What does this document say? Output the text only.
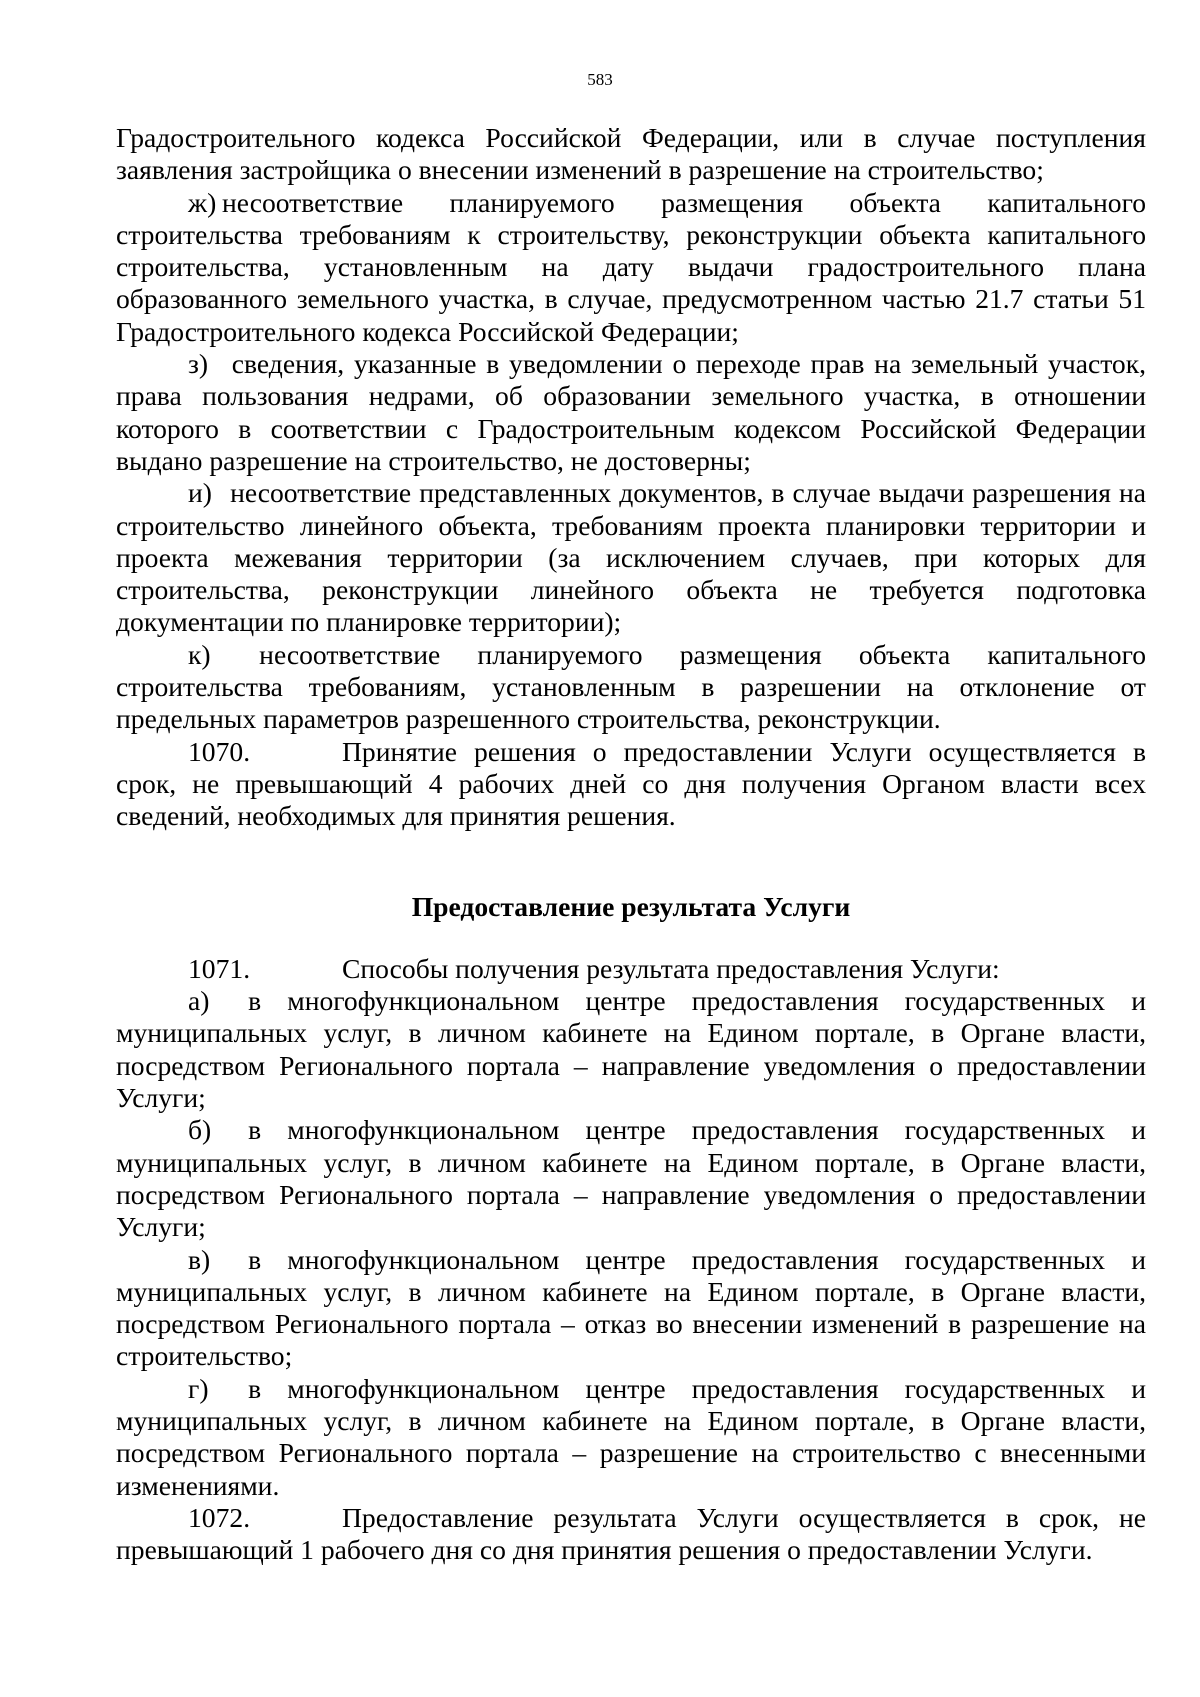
583

Градостроительного кодекса Российской Федерации, или в случае поступления заявления застройщика о внесении изменений в разрешение на строительство;

ж) несоответствие планируемого размещения объекта капитального строительства требованиям к строительству, реконструкции объекта капитального строительства, установленным на дату выдачи градостроительного плана образованного земельного участка, в случае, предусмотренном частью 21.7 статьи 51 Градостроительного кодекса Российской Федерации;

з) сведения, указанные в уведомлении о переходе прав на земельный участок, права пользования недрами, об образовании земельного участка, в отношении которого в соответствии с Градостроительным кодексом Российской Федерации выдано разрешение на строительство, не достоверны;

и) несоответствие представленных документов, в случае выдачи разрешения на строительство линейного объекта, требованиям проекта планировки территории и проекта межевания территории (за исключением случаев, при которых для строительства, реконструкции линейного объекта не требуется подготовка документации по планировке территории);

к) несоответствие планируемого размещения объекта капитального строительства требованиям, установленным в разрешении на отклонение от предельных параметров разрешенного строительства, реконструкции.

1070.	Принятие решения о предоставлении Услуги осуществляется в срок, не превышающий 4 рабочих дней со дня получения Органом власти всех сведений, необходимых для принятия решения.

Предоставление результата Услуги

1071.	Способы получения результата предоставления Услуги:

а) в многофункциональном центре предоставления государственных и муниципальных услуг, в личном кабинете на Едином портале, в Органе власти, посредством Регионального портала – направление уведомления о предоставлении Услуги;

б) в многофункциональном центре предоставления государственных и муниципальных услуг, в личном кабинете на Едином портале, в Органе власти, посредством Регионального портала – направление уведомления о предоставлении Услуги;

в) в многофункциональном центре предоставления государственных и муниципальных услуг, в личном кабинете на Едином портале, в Органе власти, посредством Регионального портала – отказ во внесении изменений в разрешение на строительство;

г) в многофункциональном центре предоставления государственных и муниципальных услуг, в личном кабинете на Едином портале, в Органе власти, посредством Регионального портала – разрешение на строительство с внесенными изменениями.

1072.	Предоставление результата Услуги осуществляется в срок, не превышающий 1 рабочего дня со дня принятия решения о предоставлении Услуги.
